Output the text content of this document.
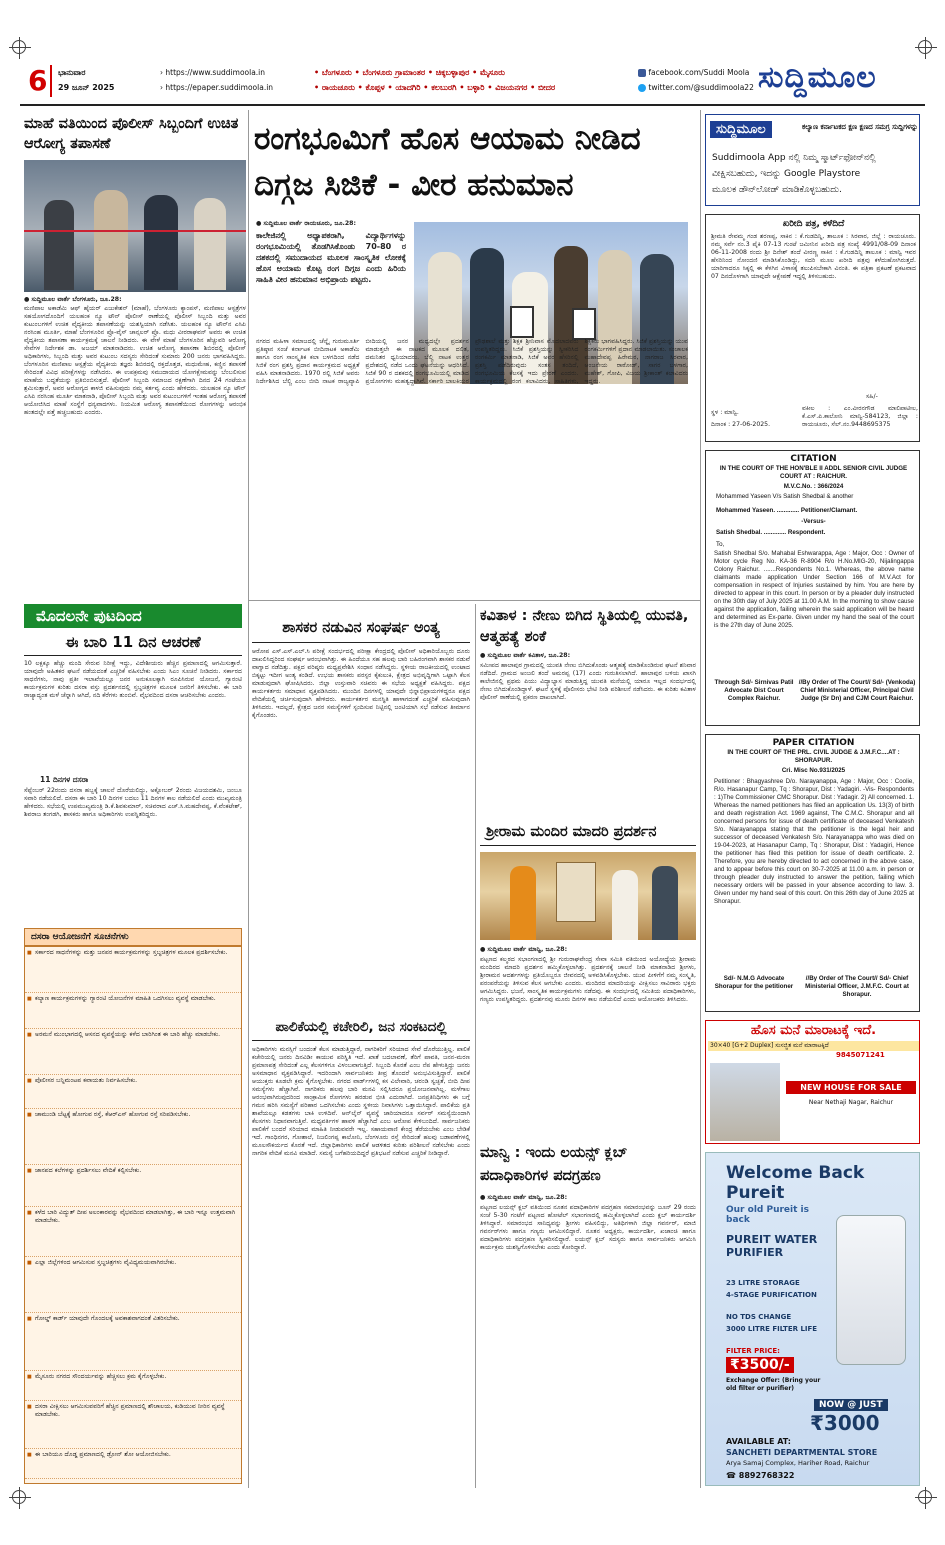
6 ಭಾನುವಾರ
29 ಜೂನ್ 2025
› https://www.suddimoola.in
› https://epaper.suddimoola.in
• ಬೆಂಗಳೂರು • ಬೆಂಗಳೂರು ಗ್ರಾಮಾಂತರ • ಚಿಕ್ಕಬಳ್ಳಾಪುರ • ಮೈಸೂರು
• ರಾಯಚೂರು • ಕೊಪ್ಪಳ • ಯಾದಗಿರಿ • ಕಲಬುರಗಿ • ಬಳ್ಳಾರಿ • ವಿಜಯನಗರ • ಬೀದರ
facebook.com/Suddi Moola
twitter.com/@suddimoola22 ಸುದ್ದಿಮೂಲ
ಮಾಹೆ ವತಿಯಿಂದ ಪೊಲೀಸ್ ಸಿಬ್ಬಂದಿಗೆ ಉಚಿತ ಆರೋಗ್ಯ ತಪಾಸಣೆ
● ಸುದ್ದಿಮೂಲ ವಾರ್ತೆ ಬೆಂಗಳೂರು, ಜೂ.28:
ಮಣಿಪಾಲ ಅಕಾಡೆಮಿ ಆಫ್ ಹೈಯರ್ ಎಜುಕೇಶನ್ (ಮಾಹೆ), ಬೆಂಗಳೂರು ಕ್ಯಾಂಪಸ್, ಮಣಿಪಾಲ ಆಸ್ಪತ್ರೆಗಳ ಸಹಯೋಗದೊಂದಿಗೆ ಯಲಹಂಕ ನ್ಯೂ ಟೌನ್ ಪೊಲೀಸ್ ಠಾಣೆಯಲ್ಲಿ ಪೊಲೀಸ್ ಸಿಬ್ಬಂದಿ ಮತ್ತು ಅವರ ಕುಟುಂಬಗಳಿಗೆ ಉಚಿತ ವೈದ್ಯಕೀಯ ತಪಾಸಣೆಯನ್ನು ಯಶಸ್ವಿಯಾಗಿ ನಡೆಸಿತು. ಯಲಹಂಕ ನ್ಯೂ ಟೌನ್‌ನ ಎಸಿಪಿ ನರಸಿಂಹ ಮೂರ್ತಿ, ಮಾಹೆ ಬೆಂಗಳೂರಿನ ಪ್ರೊ-ವೈಸ್ ಚಾನ್ಸಲರ್ ಪ್ರೊ. ಮಧು ವೀರರಾಘವನ್ ಅವರು ಈ ಉಚಿತ ವೈದ್ಯಕೀಯ ತಪಾಸಣಾ ಕಾರ್ಯಕ್ರಮಕ್ಕೆ ಚಾಲನೆ ನೀಡಿದರು. ಈ ವೇಳೆ ಮಾಹೆ ಬೆಂಗಳೂರಿನ ಹೆಚ್ಚುವರಿ ಆರೋಗ್ಯ ಸೇವೆಗಳ ನಿರ್ದೇಶಕ ಡಾ. ಅಜಯ್ ಮಾತನಾಡಿದರು. ಉಚಿತ ಆರೋಗ್ಯ ತಪಾಸಣಾ ಶಿಬಿರದಲ್ಲಿ ಪೊಲೀಸ್ ಅಧಿಕಾರಿಗಳು, ಸಿಬ್ಬಂದಿ ಮತ್ತು ಅವರ ಕುಟುಂಬ ಸದಸ್ಯರು ಸೇರಿದಂತೆ ಸುಮಾರು 200 ಜನರು ಭಾಗವಹಿಸಿದ್ದರು. ಬೆಂಗಳೂರಿನ ಮಣಿಪಾಲ ಆಸ್ಪತ್ರೆಯ ವೈದ್ಯಕೀಯ ತಜ್ಞರು ಶಿಬಿರದಲ್ಲಿ ರಕ್ತದೊತ್ತಡ, ಮಧುಮೇಹ, ಕಣ್ಣಿನ ತಪಾಸಣೆ ಸೇರಿದಂತೆ ವಿವಿಧ ಪರೀಕ್ಷೆಗಳನ್ನು ನಡೆಸಿದರು. ಈ ಉಪಕ್ರಮವು ಸಮುದಾಯದ ಯೋಗಕ್ಷೇಮವನ್ನು ಬೆಂಬಲಿಸುವ ಮಾಹೆಯ ಬದ್ಧತೆಯನ್ನು ಪ್ರತಿಬಿಂಬಿಸುತ್ತದೆ. ಪೊಲೀಸ್ ಸಿಬ್ಬಂದಿ ಸಮಾಜದ ರಕ್ಷಣೆಗಾಗಿ ದಿನದ 24 ಗಂಟೆಯೂ ಶ್ರಮಿಸುತ್ತಾರೆ, ಅವರ ಆರೋಗ್ಯದ ಕಾಳಜಿ ವಹಿಸುವುದು ನಮ್ಮ ಕರ್ತವ್ಯ ಎಂದು ಹೇಳಿದರು. ಯಲಹಂಕ ನ್ಯೂ ಟೌನ್ ಎಸಿಪಿ ನರಸಿಂಹ ಮೂರ್ತಿ ಮಾತನಾಡಿ, ಪೊಲೀಸ್ ಸಿಬ್ಬಂದಿ ಮತ್ತು ಅವರ ಕುಟುಂಬಗಳಿಗೆ ಇಂತಹ ಆರೋಗ್ಯ ತಪಾಸಣೆ ಆಯೋಜಿಸಿದ ಮಾಹೆ ಸಂಸ್ಥೆಗೆ ಧನ್ಯವಾದಗಳು. ನಿಯಮಿತ ಆರೋಗ್ಯ ತಪಾಸಣೆಯಿಂದ ರೋಗಗಳನ್ನು ಆರಂಭಿಕ ಹಂತದಲ್ಲೇ ಪತ್ತೆ ಹಚ್ಚಬಹುದು ಎಂದರು.
ರಂಗಭೂಮಿಗೆ ಹೊಸ ಆಯಾಮ ನೀಡಿದ ದಿಗ್ಗಜ ಸಿಜಿಕೆ - ವೀರ ಹನುಮಾನ
● ಸುದ್ದಿಮೂಲ ವಾರ್ತೆ ರಾಯಚೂರು, ಜೂ.28:
ಕಾಲೇಜಿನಲ್ಲಿ ಅಧ್ಯಾಪಕರಾಗಿ, ವಿದ್ಯಾರ್ಥಿಗಳನ್ನು ರಂಗಭೂಮಿಯಲ್ಲಿ ತೊಡಗಿಸಿಕೊಂಡು 70-80 ರ ದಶಕದಲ್ಲಿ ಸಮುದಾಯದ ಮೂಲಕ ಸಾಂಸ್ಕೃತಿಕ ಲೋಕಕ್ಕೆ ಹೊಸ ಆಯಾಮ ಕೊಟ್ಟ ರಂಗ ದಿಗ್ಗಜ ಎಂದು ಹಿರಿಯ ಸಾಹಿತಿ ವೀರ ಹನುಮಾನ ಅಭಿಪ್ರಾಯ ಪಟ್ಟರು.
ನಗರದ ಮಹಿಳಾ ಸಮಾಜದಲ್ಲಿ ಚೆನ್ನೈ ಗುರುಮೂರ್ತಿ ಪ್ರತಿಷ್ಠಾನ ಸಂಜೆ ಕರ್ನಾಟಕ ಬೀದಿನಾಟಕ ಅಕಾಡೆಮಿ ಹಾಗೂ ರಂಗ ಸಾಂಸ್ಕೃತಿಕ ಕಲಾ ಬಳಗದಿಂದ ನಡೆದ ಸಿಜಿಕೆ ರಂಗ ಪ್ರಶಸ್ತಿ ಪ್ರದಾನ ಕಾರ್ಯಕ್ರಮದ ಅಧ್ಯಕ್ಷತೆ ವಹಿಸಿ ಮಾತನಾಡಿದರು. 1970 ರಲ್ಲಿ ಸಿಜಿಕೆ ಅವರು ನಿರ್ದೇಶಿಸಿದ ಬೆಲ್ಚಿ ಎಂಬ ಬೀದಿ ನಾಟಕ ರಾಜ್ಯವ್ಯಾಪಿ ಬೀದಿಯಲ್ಲಿ ಜನರ ಮಧ್ಯದಲ್ಲೇ ಪ್ರದರ್ಶನ ಮಾಡುತ್ತಲೇ ಈ ನಾಟಕದ ಮೂಲಕ ದಲಿತ, ದಮನಿತರ ಧ್ವನಿಯಾದರು. ಬೆಲ್ಚಿ ನಾಟಕ ಉತ್ತರ ಪ್ರದೇಶದಲ್ಲಿ ನಡೆದ ಒಂದು ಘಟನೆಯನ್ನು ಆಧರಿಸಿದೆ. ಸಿಜಿಕೆ 90 ರ ದಶಕದಲ್ಲಿ ರಂಗಭೂಮಿಯಲ್ಲಿ ಮಾಡಿದ ಪ್ರಯೋಗಗಳು ಮಹತ್ವದ್ದಾಗಿವೆ. ಸರ್ಕಾರಿ ಬಾಲಕಿಯರ ಪ್ರೌಢಶಾಲೆ ಮತ್ತು ಶಿಕ್ಷಕ ಶ್ರೀನಿವಾಸ ಮೊದಲಾದವರು ಉಪಸ್ಥಿತರಿದ್ದರು. ಸಿಜಿಕೆ ಪ್ರಶಸ್ತಿಯನ್ನು ಸ್ವೀಕರಿಸಿದ ರಂಗಕರ್ಮಿ ಮಾತನಾಡಿ, ಸಿಜಿಕೆ ಅವರ ಹೆಸರಿನಲ್ಲಿ ಪ್ರಶಸ್ತಿ ಪಡೆದಿರುವುದು ಸಂತಸ ತಂದಿದೆ, ರಂಗಭೂಮಿಯ ಕೆಲಸಕ್ಕೆ ಇದು ಪ್ರೇರಣೆ ಎಂದರು. ಕಾರ್ಯಕ್ರಮದಲ್ಲಿ ರಂಗ ಕಲಾವಿದರು, ಸಾಹಿತಿಗಳು, ಶಿಕ್ಷಕರು ಭಾಗವಹಿಸಿದ್ದರು. ಸಿಜಿಕೆ ಪ್ರಶಸ್ತಿಯನ್ನು ಯುವ ರಂಗಕರ್ಮಿಗಳಿಗೆ ಪ್ರದಾನ ಮಾಡಲಾಯಿತು. ಸಂಚಾಲಕ ಮಹಾದೇವಪ್ಪ ಹಿರೇಮಠ, ನಾಗರಾಜ ಸಿರವಾರ, ಆಂಜನೇಯ ರಾಠೋಡ್, ಸಾಗರ ಬಳಗಾರ, ಮಹೇಶ್, ಗೋಪಿ, ವಿಜಯ ಶ್ರೀಕಾಂತ್ ಕಲಾವಿದರು ಇದ್ದರು.
ಸುದ್ದಿಮೂಲ	ಕಲ್ಯಾಣ ಕರ್ನಾಟಕದ ಕ್ಷಣ ಕ್ಷಣದ ಸಮಗ್ರ ಸುದ್ದಿಗಳನ್ನು
Suddimoola App ನಲ್ಲಿ ನಿಮ್ಮ ಸ್ಮಾರ್ಟ್‌ಫೋನ್‌ನಲ್ಲಿ
ವೀಕ್ಷಿಸಬಹುದು, ಇದನ್ನು Google Playstore
ಮೂಲಕ ಡೌನ್‌ಲೋಡ್ ಮಾಡಿಕೊಳ್ಳಬಹುದು.
ಖರೀದಿ ಪತ್ರ, ಕಳೆದಿದೆ
ಶ್ರೀಮತಿ ರೇವಮ್ಮ ಗಂಡ ಶರಣಪ್ಪ, ಸಾಕಿನ : ಕೆ.ಗುಡದಿನ್ನಿ, ತಾಲೂಕ : ಸಿರವಾರ, ಜಿಲ್ಲೆ : ರಾಯಚೂರು. ನಮ್ಮ ಸರ್ವೆ ನಂ.3 ಪೈಕಿ 07-13 ಗುಂಟೆ ಜಮೀನಿನ ಖರೀದಿ ಪತ್ರ ಸಂಖ್ಯೆ 4991/08-09 ದಿನಾಂಕ 06-11-2008 ರಂದು ಶ್ರೀ ದಿನೇಶ್ ತಂದೆ ವೀರಣ್ಣ ಸಾಕಿನ : ಕೆ.ಗುಡದಿನ್ನಿ ತಾಲೂಕ : ಮಾನ್ವಿ ಇವರ ಹೆಸರಿನಿಂದ ನೋಂದಣಿ ಮಾಡಿಸಿಕೊಂಡಿದ್ದು, ಸದರಿ ಮೂಲ ಖರೀದಿ ಪತ್ರವು ಕಳೆದುಹೋಗಿರುತ್ತದೆ. ಯಾರಿಗಾದರೂ ಸಿಕ್ಕಲ್ಲಿ ಈ ಕೆಳಗಿನ ವಿಳಾಸಕ್ಕೆ ತಲುಪಿಸಬೇಕಾಗಿ ವಿನಂತಿ. ಈ ಪತ್ರಿಕಾ ಪ್ರಕಟಣೆ ಪ್ರಕಟವಾದ 07 ದಿನದೊಳಗಾಗಿ ಯಾವುದೇ ಆಕ್ಷೇಪಣೆ ಇದ್ದಲ್ಲಿ ತಿಳಿಸಬಹುದು.
ಸಹಿ/-
ಸ್ಥಳ : ಮಾನ್ವಿ.
ದಿನಾಂಕ : 27-06-2025.
ವಕೀಲ : ಎಂ.ವೀರನಗೌಡ ಮಾಲಿಪಾಟೀಲ, ಕೆ.ಎಸ್.ಪಿ.ಕಾಲೋನಿ ಮಾನ್ವಿ-584123, ಜಿಲ್ಲಾ : ರಾಯಚೂರು, ಸೆಲ್.ನಂ.9448695375
CITATION
IN THE COURT OF THE HON'BLE II ADDL SENIOR CIVIL JUDGE COURT AT : RAICHUR.
M.V.C.No. : 366/2024
Mohammed Yaseen V/s Satish Shedbal & another
Mohammed Yaseen. ............. Petitioner/Clamant.
-Versus-
Satish Shedbal. ............. Respondent.
To,
Satish Shedbal S/o. Mahabal Eshwarappa, Age : Major, Occ : Owner of Motor cycle Reg No. KA-36 R-8904 R/o H.No.MIG-20, Nijalingappa Colony Raichur. .......Respondents No.1. Whereas, the above name claimants made application Under Section 166 of M.V.Act for compensation in respect of Injuries sustained by him. You are here by directed to appear in this court. In person or by a pleader duly instructed on the 30th day of July 2025 at 11.00 A.M. In the morning to show cause against the application, failing wherein the said application will be heard and determined as Ex-parte. Given under my hand the seal of the court is the 27th day of June 2025.
Through Sd/- Sirnivas Patil Advocate Dist Court Complex Raichur.
//By Order of The Court// Sd/- (Venkoda) Chief Ministerial Officer, Principal Civil Judge (Sr Dn) and CJM Court Raichur.
PAPER CITATION
IN THE COURT OF THE PRL. CIVIL JUDGE & J.M.F.C....AT : SHORAPUR.
Cri. Misc No.931/2025
Petitioner : Bhagyashree D/o. Narayanappa, Age : Major, Occ : Coolie, R/o. Hasanapur Camp, Tq : Shorapur, Dist : Yadagiri. -Vis- Respondents : 1)The Commissioner CMC Shorapur. Dist : Yadagir. 2) All concerned. 1. Whereas the named petitioners has filed an application Us. 13(3) of birth and death registration Act. 1969 against, The C.M.C. Shorapur and all concerned persons for issue of death certificate of deceased Venkatesh S/o. Narayanappa stating that the petitioner is the legal heir and successor of deceased Venkatesh S/o. Narayanappa who was died on 19-04-2023, at Hasanapur Camp, Tq : Shorapur, Dist : Yadagiri, Hence the petitioner has filed this petition for issue of death certificate. 2. Therefore, you are hereby directed to act concerned in the above case, and to appear before this court on 30-7-2025 at 11.00 a.m. in person or through pleader duly instructed to answer the petition, failing which necessary orders will be passed in your absence according to law. 3. Given under my hand seal of this court. On this 26th day of June 2025 at Shorapur.
Sd/- N.M.G Advocate Shorapur for the petitioner
//By Order of The Court// Sd/- Chief Ministerial Officer, J.M.F.C. Court at Shorapur.
ಹೊಸ ಮನೆ ಮಾರಾಟಕ್ಕೆ ಇದೆ.
30×40 [G+2 Duplex] ಸುಸಜ್ಜಿತ ಮನೆ ಮಾರಾಟಕ್ಕಿದೆ
9845071241
NEW HOUSE FOR SALE
Near Nethaji Nagar, Raichur
Welcome Back Pureit
Our old Pureit is back
PUREIT WATER PURIFIER
23 LITRE STORAGE
4-STAGE PURIFICATION
NO TDS CHANGE
3000 LITRE FILTER LIFE
FILTER PRICE:
₹3500/-
Exchange Offer: (Bring your old filter or purifier)
NOW @ JUST
₹3000
AVAILABLE AT:
SANCHETI DEPARTMENTAL STORE
Arya Samaj Complex, Hariher Road, Raichur
☎ 8892768322
ಮೊದಲನೇ ಪುಟದಿಂದ
ಈ ಬಾರಿ 11 ದಿನ ಆಚರಣೆ
10 ಲಕ್ಷಕ್ಕೂ ಹೆಚ್ಚು ಮಂದಿ ಸೇರುವ ನಿರೀಕ್ಷೆ ಇದ್ದು, ವಿದೇಶೀಯರು ಹೆಚ್ಚಿನ ಪ್ರಮಾಣದಲ್ಲಿ ಆಗಮಿಸುತ್ತಾರೆ. ಯಾವುದೇ ಅಹಿತಕರ ಘಟನೆ ನಡೆಯದಂತೆ ಎಚ್ಚರಿಕೆ ವಹಿಸಬೇಕು ಎಂದು ಸಿಎಂ ಸೂಚನೆ ನೀಡಿದರು. ಸರ್ಕಾರದ ಸಾಧನೆಗಳು, ನಾವು ಪ್ರತೀ ಇಲಾಖೆಯಲ್ಲೂ ಜನರ ಅನುಕೂಲಕ್ಕಾಗಿ ರೂಪಿಸಿರುವ ಯೋಜನೆ, ಗ್ಯಾರಂಟಿ ಕಾರ್ಯಕ್ರಮಗಳ ಕುರಿತು ದಸರಾ ವಸ್ತು ಪ್ರದರ್ಶನದಲ್ಲಿ ಸ್ತಬ್ಧಚಿತ್ರಗಳ ಮೂಲಕ ಜನರಿಗೆ ತಿಳಿಸಬೇಕು. ಈ ಬಾರಿ ರಾಜ್ಯಾದ್ಯಂತ ಮಳೆ ಚೆನ್ನಾಗಿ ಆಗಿದೆ, ನದಿ ಕೆರೆಗಳು ತುಂಬಿವೆ. ವೈಭವದಿಂದ ದಸರಾ ಆಚರಿಸಬೇಕು ಎಂದರು.
11 ದಿನಗಳ ದಸರಾ
ಸೆಪ್ಟೆಂಬರ್ 22ರಂದು ದಸರಾ ಹಬ್ಬಕ್ಕೆ ಚಾಲನೆ ದೊರೆಯಲಿದ್ದು, ಅಕ್ಟೋಬರ್ 2ರಂದು ವಿಜಯದಶಮಿ, ಜಂಬೂ ಸವಾರಿ ನಡೆಯಲಿದೆ. ದಸರಾ ಈ ಬಾರಿ 10 ದಿನಗಳ ಬದಲು 11 ದಿನಗಳ ಕಾಲ ನಡೆಯಲಿದೆ ಎಂದು ಮುಖ್ಯಮಂತ್ರಿ ಹೇಳಿದರು. ಸಭೆಯಲ್ಲಿ ಉಪಮುಖ್ಯಮಂತ್ರಿ ಡಿ.ಕೆ.ಶಿವಕುಮಾರ್, ಸಚಿವರಾದ ಎಚ್.ಸಿ.ಮಹದೇವಪ್ಪ, ಕೆ.ವೆಂಕಟೇಶ್, ಶಿವರಾಜ ತಂಗಡಗಿ, ಶಾಸಕರು ಹಾಗೂ ಅಧಿಕಾರಿಗಳು ಉಪಸ್ಥಿತರಿದ್ದರು.
ದಸರಾ ಆಯೋಜನೆಗೆ ಸೂಚನೆಗಳು
■ ಸರ್ಕಾರದ ಸಾಧನೆಗಳನ್ನು ಮತ್ತು ಜನಪರ ಕಾರ್ಯಕ್ರಮಗಳನ್ನು ಸ್ತಬ್ಧಚಿತ್ರಗಳ ಮೂಲಕ ಪ್ರದರ್ಶಿಸಬೇಕು.
■ ಕಲ್ಯಾಣ ಕಾರ್ಯಕ್ರಮಗಳನ್ನು ಗ್ಯಾರಂಟಿ ಯೋಜನೆಗಳ ಮಾಹಿತಿ ಒದಗಿಸಲು ವ್ಯವಸ್ಥೆ ಮಾಡಬೇಕು.
■ ಅರಮನೆ ಮುಂಭಾಗದಲ್ಲಿ ಆಸನದ ವ್ಯವಸ್ಥೆಯನ್ನು ಕಳೆದ ಬಾರಿಗಿಂತ ಈ ಬಾರಿ ಹೆಚ್ಚು ಮಾಡಬೇಕು.
■ ಪೊಲೀಸರ ಬನ್ನಿಮಂಟಪ ಕವಾಯತು ನಿರ್ವಹಿಸಬೇಕು.
■ ಚಾಮುಂಡಿ ಬೆಟ್ಟಕ್ಕೆ ಹೋಗುವ ರಸ್ತೆ, ಕೆಆರ್‌ಎಸ್ ಹೋಗುವ ರಸ್ತೆ ಸರಿಪಡಿಸಬೇಕು.
■ ಜಾನಪದ ಕಲೆಗಳನ್ನು ಪ್ರದರ್ಶಿಸಲು ವೇದಿಕೆ ಕಲ್ಪಿಸಬೇಕು.
■ ಕಳೆದ ಬಾರಿ ವಿದ್ಯುತ್ ದೀಪ ಅಲಂಕಾರವನ್ನು ವೈಭವದಿಂದ ಮಾಡಲಾಗಿತ್ತು, ಈ ಬಾರಿ ಇನ್ನೂ ಉತ್ತಮವಾಗಿ ಮಾಡಬೇಕು.
■ ಎಲ್ಲಾ ಜಿಲ್ಲೆಗಳಿಂದ ಆಗಮಿಸುವ ಸ್ತಬ್ಧಚಿತ್ರಗಳು ವೈವಿಧ್ಯಮಯವಾಗಿರಬೇಕು.
■ ಗೋಲ್ಡ್ ಕಾರ್ಡ್ ಯಾವುದೇ ಗೊಂದಲಕ್ಕೆ ಅವಕಾಶವಾಗದಂತೆ ವಿತರಿಸಬೇಕು.
■ ಮೈಸೂರು ನಗರದ ಸೌಂದರ್ಯವನ್ನು ಹೆಚ್ಚಿಸಲು ಕ್ರಮ ಕೈಗೊಳ್ಳಬೇಕು.
■ ದಸರಾ ವೀಕ್ಷಿಸಲು ಆಗಮಿಸುವವರಿಗೆ ಹೆಚ್ಚಿನ ಪ್ರಮಾಣದಲ್ಲಿ ಶೌಚಾಲಯ, ಕುಡಿಯುವ ನೀರಿನ ವ್ಯವಸ್ಥೆ ಮಾಡಬೇಕು.
■ ಈ ಬಾರಿಯೂ ದೊಡ್ಡ ಪ್ರಮಾಣದಲ್ಲಿ ಡ್ರೋನ್ ಶೋ ಆಯೋಜಿಸಬೇಕು.
ಶಾಸಕರ ನಡುವಿನ ಸಂಘರ್ಷ ಅಂತ್ಯ
ಆರೋಪ ಎಸ್.ಎಸ್.ಎಲ್.ಸಿ ಪರೀಕ್ಷೆ ಸಂದರ್ಭದಲ್ಲಿ ಪರೀಕ್ಷಾ ಕೇಂದ್ರದಲ್ಲಿ ಪೊಲೀಸ್ ಅಧಿಕಾರಿಯೊಬ್ಬರು ದೂರು ದಾಖಲಿಸಿದ್ದರಿಂದ ಸಂಘರ್ಷ ಆರಂಭವಾಗಿತ್ತು. ಈ ಹಿಂದೆಯೂ ಸಹ ಹಲವು ಬಾರಿ ಬಹಿರಂಗವಾಗಿ ಶಾಸಕರ ನಡುವೆ ವಾಗ್ವಾದ ನಡೆದಿತ್ತು. ಪಕ್ಷದ ವರಿಷ್ಠರು ಮಧ್ಯಪ್ರವೇಶಿಸಿ ಸಂಧಾನ ನಡೆಸಿದ್ದರು. ಸ್ಥಳೀಯ ರಾಜಕೀಯದಲ್ಲಿ ಉಂಟಾದ ಬಿಕ್ಕಟ್ಟು ಇದೀಗ ಅಂತ್ಯ ಕಂಡಿದೆ. ಉಭಯ ಶಾಸಕರು ಪರಸ್ಪರ ಕೈಕುಲುಕಿ, ಕ್ಷೇತ್ರದ ಅಭಿವೃದ್ಧಿಗಾಗಿ ಒಟ್ಟಾಗಿ ಕೆಲಸ ಮಾಡುವುದಾಗಿ ಘೋಷಿಸಿದರು. ಜಿಲ್ಲಾ ಉಸ್ತುವಾರಿ ಸಚಿವರು ಈ ಸಭೆಯ ಅಧ್ಯಕ್ಷತೆ ವಹಿಸಿದ್ದರು. ಪಕ್ಷದ ಕಾರ್ಯಕರ್ತರು ಸಮಾಧಾನ ವ್ಯಕ್ತಪಡಿಸಿದರು. ಮುಂದಿನ ದಿನಗಳಲ್ಲಿ ಯಾವುದೇ ಭಿನ್ನಾಭಿಪ್ರಾಯಗಳಿದ್ದರೂ ಪಕ್ಷದ ವೇದಿಕೆಯಲ್ಲಿ ಚರ್ಚಿಸುವುದಾಗಿ ಹೇಳಿದರು. ಕಾರ್ಯಕರ್ತರ ಮನಸ್ಥಿತಿ ಹಾಳಾಗದಂತೆ ಎಚ್ಚರಿಕೆ ವಹಿಸುವುದಾಗಿ ತಿಳಿಸಿದರು. ಇದಲ್ಲದೆ, ಕ್ಷೇತ್ರದ ಜನರ ಸಮಸ್ಯೆಗಳಿಗೆ ಸ್ಪಂದಿಸುವ ನಿಟ್ಟಿನಲ್ಲಿ ಜಂಟಿಯಾಗಿ ಸಭೆ ನಡೆಸುವ ತೀರ್ಮಾನ ಕೈಗೊಂಡರು.
ಪಾಲಿಕೆಯಲ್ಲಿ ಕಚೇರಿಲಿ, ಜನ ಸಂಕಟದಲ್ಲಿ
ಅಧಿಕಾರಿಗಳು ಮನಸ್ಸಿಗೆ ಬಂದಂತೆ ಕೆಲಸ ಮಾಡುತ್ತಿದ್ದಾರೆ, ನಾಗರಿಕರಿಗೆ ಸರಿಯಾದ ಸೇವೆ ದೊರೆಯುತ್ತಿಲ್ಲ. ಪಾಲಿಕೆ ಕಚೇರಿಯಲ್ಲಿ ಜನರು ದಿನವಿಡೀ ಕಾಯುವ ಪರಿಸ್ಥಿತಿ ಇದೆ. ಖಾತೆ ಬದಲಾವಣೆ, ತೆರಿಗೆ ಪಾವತಿ, ಜನನ-ಮರಣ ಪ್ರಮಾಣಪತ್ರ ಸೇರಿದಂತೆ ಎಲ್ಲ ಕೆಲಸಗಳಿಗೂ ವಿಳಂಬವಾಗುತ್ತಿದೆ. ಸಿಬ್ಬಂದಿ ಕೊರತೆ ಎಂಬ ನೆಪ ಹೇಳುತ್ತಿದ್ದು ಜನರು ಅಸಮಾಧಾನ ವ್ಯಕ್ತಪಡಿಸಿದ್ದಾರೆ. ಇದರಿಂದಾಗಿ ಸಾರ್ವಜನಿಕರು ತೀವ್ರ ತೊಂದರೆ ಅನುಭವಿಸುತ್ತಿದ್ದಾರೆ. ಪಾಲಿಕೆ ಆಯುಕ್ತರು ಕೂಡಲೇ ಕ್ರಮ ಕೈಗೊಳ್ಳಬೇಕು. ನಗರದ ವಾರ್ಡ್‌ಗಳಲ್ಲಿ ಕಸ ವಿಲೇವಾರಿ, ಚರಂಡಿ ಸ್ವಚ್ಛತೆ, ಬೀದಿ ದೀಪ ಸಮಸ್ಯೆಗಳು ಹೆಚ್ಚಾಗಿವೆ. ನಾಗರಿಕರು ಹಲವು ಬಾರಿ ಮನವಿ ಸಲ್ಲಿಸಿದರೂ ಪ್ರಯೋಜನವಾಗಿಲ್ಲ. ಮಳೆಗಾಲ ಆರಂಭವಾಗಿರುವುದರಿಂದ ಸಾಂಕ್ರಾಮಿಕ ರೋಗಗಳು ಹರಡುವ ಭೀತಿ ಎದುರಾಗಿದೆ. ಜನಪ್ರತಿನಿಧಿಗಳು ಈ ಬಗ್ಗೆ ಗಮನ ಹರಿಸಿ ಸಮಸ್ಯೆಗೆ ಪರಿಹಾರ ಒದಗಿಸಬೇಕು ಎಂದು ಸ್ಥಳೀಯ ನಿವಾಸಿಗಳು ಒತ್ತಾಯಿಸಿದ್ದಾರೆ. ಪಾಲಿಕೆಯ ಪ್ರತಿ ಶಾಖೆಯಲ್ಲೂ ಕಡತಗಳು ಬಾಕಿ ಉಳಿದಿವೆ. ಆನ್‌ಲೈನ್ ವ್ಯವಸ್ಥೆ ಜಾರಿಯಾದರೂ ಸರ್ವರ್ ಸಮಸ್ಯೆಯಿಂದಾಗಿ ಕೆಲಸಗಳು ನಿಧಾನವಾಗುತ್ತಿವೆ. ಮಧ್ಯವರ್ತಿಗಳ ಹಾವಳಿ ಹೆಚ್ಚಾಗಿದೆ ಎಂಬ ಆರೋಪ ಕೇಳಿಬಂದಿದೆ. ಸಾರ್ವಜನಿಕರು ಪಾಲಿಕೆಗೆ ಬಂದರೆ ಸರಿಯಾದ ಮಾಹಿತಿ ನೀಡುವವರೇ ಇಲ್ಲ. ಸಹಾಯವಾಣಿ ಕೇಂದ್ರ ತೆರೆಯಬೇಕು ಎಂಬ ಬೇಡಿಕೆ ಇದೆ. ಗಾಂಧಿನಗರ, ಗೋಶಾಲೆ, ನಿಜಲಿಂಗಪ್ಪ ಕಾಲೋನಿ, ಬೆಂಗಳೂರು ರಸ್ತೆ ಸೇರಿದಂತೆ ಹಲವು ಬಡಾವಣೆಗಳಲ್ಲಿ ಮೂಲಸೌಕರ್ಯದ ಕೊರತೆ ಇದೆ. ಜಿಲ್ಲಾಧಿಕಾರಿಗಳು ಪಾಲಿಕೆ ಆಡಳಿತದ ಕುರಿತು ಪರಿಶೀಲನೆ ನಡೆಸಬೇಕು ಎಂದು ನಾಗರಿಕ ವೇದಿಕೆ ಮನವಿ ಮಾಡಿದೆ. ಸಮಸ್ಯೆ ಬಗೆಹರಿಯದಿದ್ದರೆ ಪ್ರತಿಭಟನೆ ನಡೆಸುವ ಎಚ್ಚರಿಕೆ ನೀಡಿದ್ದಾರೆ.
ಕವಿತಾಳ : ನೇಣು ಬಿಗಿದ ಸ್ಥಿತಿಯಲ್ಲಿ ಯುವತಿ, ಆತ್ಮಹತ್ಯೆ ಶಂಕೆ
● ಸುದ್ದಿಮೂಲ ವಾರ್ತೆ ಕವಿತಾಳ, ಜೂ.28:
ಸಮೀಪದ ಹಾಲಾಪುರ ಗ್ರಾಮದಲ್ಲಿ ಯುವತಿ ನೇಣು ಬಿಗಿದುಕೊಂಡು ಆತ್ಮಹತ್ಯೆ ಮಾಡಿಕೊಂಡಿರುವ ಘಟನೆ ಶನಿವಾರ ನಡೆದಿದೆ. ಗ್ರಾಮದ ಅಂಜಲಿ ತಂದೆ ಅಮರಪ್ಪ (17) ಎಂದು ಗುರುತಿಸಲಾಗಿದೆ. ಹಾಲಾಪುರ ಬಳಿಯ ಖಾಸಗಿ ಕಾಲೇಜಿನಲ್ಲಿ ಪ್ರಥಮ ಪಿಯು ವಿದ್ಯಾಭ್ಯಾಸ ಮಾಡುತ್ತಿದ್ದ ಯುವತಿ ಮನೆಯಲ್ಲಿ ಯಾರೂ ಇಲ್ಲದ ಸಂದರ್ಭದಲ್ಲಿ ನೇಣು ಬಿಗಿದುಕೊಂಡಿದ್ದಾಳೆ. ಘಟನೆ ಸ್ಥಳಕ್ಕೆ ಪೊಲೀಸರು ಭೇಟಿ ನೀಡಿ ಪರಿಶೀಲನೆ ನಡೆಸಿದರು. ಈ ಕುರಿತು ಕವಿತಾಳ ಪೊಲೀಸ್ ಠಾಣೆಯಲ್ಲಿ ಪ್ರಕರಣ ದಾಖಲಾಗಿದೆ.
ಶ್ರೀರಾಮ ಮಂದಿರ ಮಾದರಿ ಪ್ರದರ್ಶನ
● ಸುದ್ದಿಮೂಲ ವಾರ್ತೆ ಮಾನ್ವಿ, ಜೂ.28:
ಪಟ್ಟಣದ ಕಲ್ಮಠದ ಸಭಾಂಗಣದಲ್ಲಿ ಶ್ರೀ ಗುರುರಾಘವೇಂದ್ರ ಸೇವಾ ಸಮಿತಿ ವತಿಯಿಂದ ಅಯೋಧ್ಯೆಯ ಶ್ರೀರಾಮ ಮಂದಿರದ ಮಾದರಿ ಪ್ರದರ್ಶನ ಹಮ್ಮಿಕೊಳ್ಳಲಾಗಿತ್ತು. ಪ್ರದರ್ಶನಕ್ಕೆ ಚಾಲನೆ ನೀಡಿ ಮಾತನಾಡಿದ ಶ್ರೀಗಳು, ಶ್ರೀರಾಮನ ಆದರ್ಶಗಳನ್ನು ಪ್ರತಿಯೊಬ್ಬರೂ ಜೀವನದಲ್ಲಿ ಅಳವಡಿಸಿಕೊಳ್ಳಬೇಕು. ಯುವ ಪೀಳಿಗೆಗೆ ನಮ್ಮ ಸಂಸ್ಕೃತಿ, ಪರಂಪರೆಯನ್ನು ತಿಳಿಸುವ ಕೆಲಸ ಆಗಬೇಕು ಎಂದರು. ಮಂದಿರದ ಮಾದರಿಯನ್ನು ವೀಕ್ಷಿಸಲು ಸಾವಿರಾರು ಭಕ್ತರು ಆಗಮಿಸಿದ್ದರು. ಭಜನೆ, ಸಾಂಸ್ಕೃತಿಕ ಕಾರ್ಯಕ್ರಮಗಳು ನಡೆದವು. ಈ ಸಂದರ್ಭದಲ್ಲಿ ಸಮಿತಿಯ ಪದಾಧಿಕಾರಿಗಳು, ಗಣ್ಯರು ಉಪಸ್ಥಿತರಿದ್ದರು. ಪ್ರದರ್ಶನವು ಮೂರು ದಿನಗಳ ಕಾಲ ನಡೆಯಲಿದೆ ಎಂದು ಆಯೋಜಕರು ತಿಳಿಸಿದರು.
ಮಾನ್ವಿ : ಇಂದು ಲಯನ್ಸ್ ಕ್ಲಬ್ ಪದಾಧಿಕಾರಿಗಳ ಪದಗ್ರಹಣ
● ಸುದ್ದಿಮೂಲ ವಾರ್ತೆ ಮಾನ್ವಿ, ಜೂ.28:
ಪಟ್ಟಣದ ಲಯನ್ಸ್ ಕ್ಲಬ್ ವತಿಯಿಂದ ನೂತನ ಪದಾಧಿಕಾರಿಗಳ ಪದಗ್ರಹಣ ಸಮಾರಂಭವನ್ನು ಜೂನ್ 29 ರಂದು ಸಂಜೆ 5-30 ಗಂಟೆಗೆ ಪಟ್ಟಣದ ಹೋಟೆಲ್ ಸಭಾಂಗಣದಲ್ಲಿ ಹಮ್ಮಿಕೊಳ್ಳಲಾಗಿದೆ ಎಂದು ಕ್ಲಬ್ ಕಾರ್ಯದರ್ಶಿ ತಿಳಿಸಿದ್ದಾರೆ. ಸಮಾರಂಭದ ಸಾನಿಧ್ಯವನ್ನು ಶ್ರೀಗಳು ವಹಿಸಲಿದ್ದು, ಅತಿಥಿಗಳಾಗಿ ಜಿಲ್ಲಾ ಗವರ್ನರ್, ಮಾಜಿ ಗವರ್ನರ್‌ಗಳು ಹಾಗೂ ಗಣ್ಯರು ಆಗಮಿಸಲಿದ್ದಾರೆ. ನೂತನ ಅಧ್ಯಕ್ಷರು, ಕಾರ್ಯದರ್ಶಿ, ಖಜಾಂಚಿ ಹಾಗೂ ಪದಾಧಿಕಾರಿಗಳು ಪದಗ್ರಹಣ ಸ್ವೀಕರಿಸಲಿದ್ದಾರೆ. ಲಯನ್ಸ್ ಕ್ಲಬ್ ಸದಸ್ಯರು ಹಾಗೂ ಸಾರ್ವಜನಿಕರು ಆಗಮಿಸಿ ಕಾರ್ಯಕ್ರಮ ಯಶಸ್ವಿಗೊಳಿಸಬೇಕು ಎಂದು ಕೋರಿದ್ದಾರೆ.
